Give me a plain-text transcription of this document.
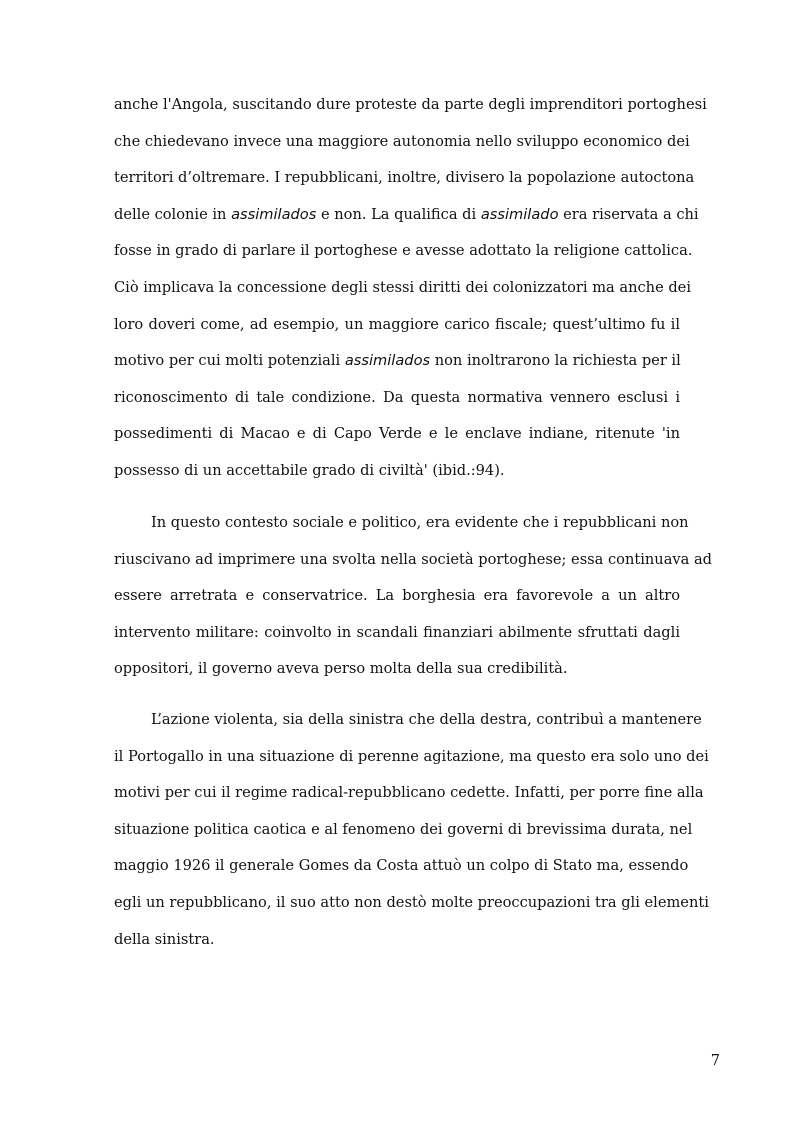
anche l'Angola, suscitando dure proteste da parte degli imprenditori portoghesi
che chiedevano invece una maggiore autonomia nello sviluppo economico dei
territori d’oltremare. I repubblicani, inoltre, divisero la popolazione autoctona
delle colonie in assimilados e non. La qualifica di assimilado era riservata a chi
fosse in grado di parlare il portoghese e avesse adottato la religione cattolica.
Ciò implicava la concessione degli stessi diritti dei colonizzatori ma anche dei
loro doveri come, ad esempio, un maggiore carico fiscale; quest’ultimo fu il
motivo per cui molti potenziali assimilados non inoltrarono la richiesta per il
riconoscimento di tale condizione. Da questa normativa vennero esclusi i
possedimenti di Macao e di Capo Verde e le enclave indiane, ritenute 'in
possesso di un accettabile grado di civiltà' (ibid.:94).
In questo contesto sociale e politico, era evidente che i repubblicani non
riuscivano ad imprimere una svolta nella società portoghese; essa continuava ad
essere arretrata e conservatrice. La borghesia era favorevole a un altro
intervento militare: coinvolto in scandali finanziari abilmente sfruttati dagli
oppositori, il governo aveva perso molta della sua credibilità.
L’azione violenta, sia della sinistra che della destra, contribuì a mantenere
il Portogallo in una situazione di perenne agitazione, ma questo era solo uno dei
motivi per cui il regime radical-repubblicano cedette. Infatti, per porre fine alla
situazione politica caotica e al fenomeno dei governi di brevissima durata, nel
maggio 1926 il generale Gomes da Costa attuò un colpo di Stato ma, essendo
egli un repubblicano, il suo atto non destò molte preoccupazioni tra gli elementi
della sinistra.
7
